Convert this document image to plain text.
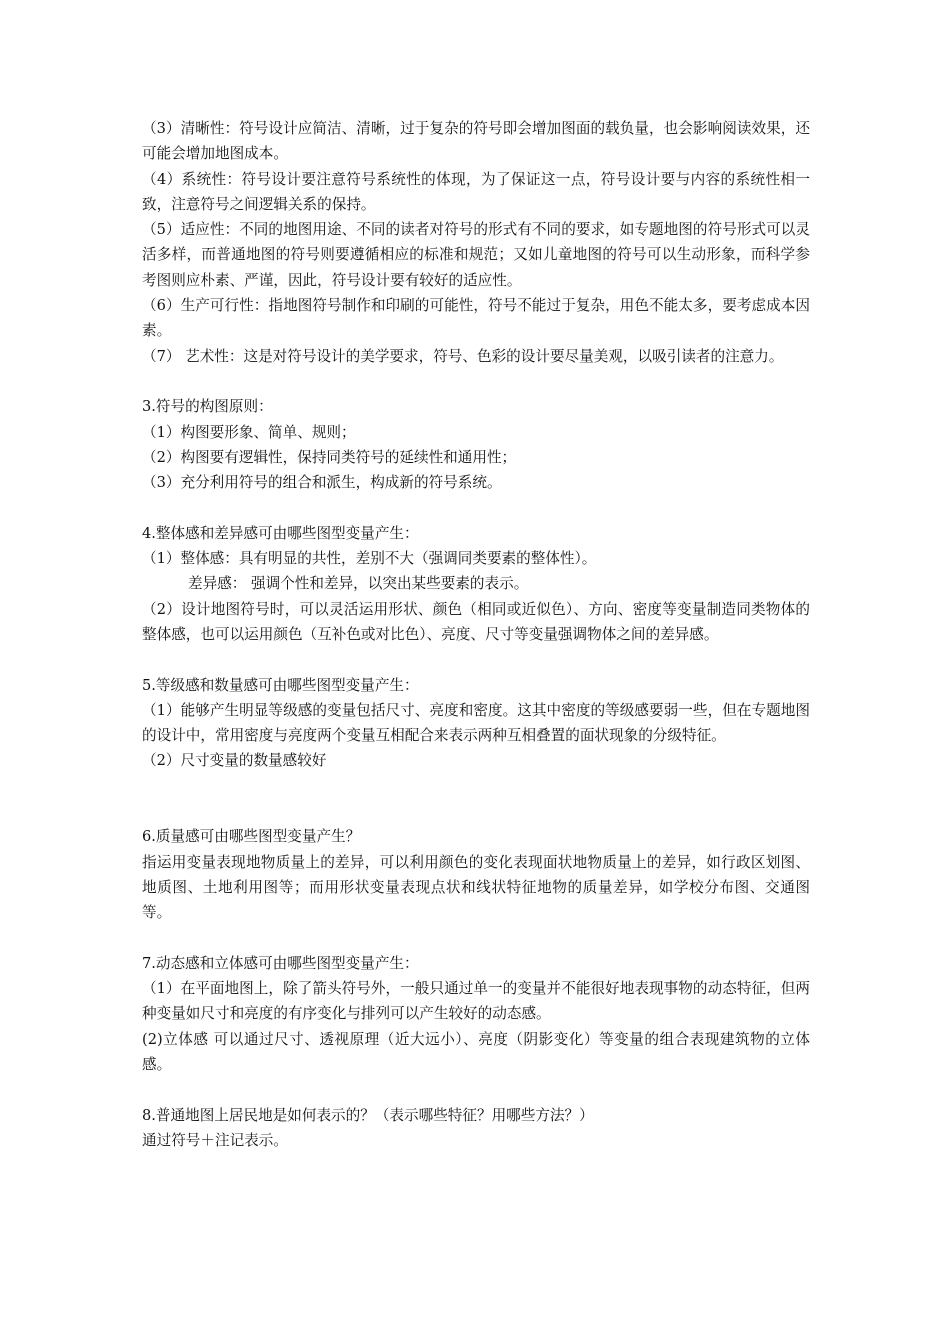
（3）清晰性：符号设计应简洁、清晰，过于复杂的符号即会增加图面的载负量，也会影响阅读效果，还可能会增加地图成本。

（4）系统性：符号设计要注意符号系统性的体现，为了保证这一点，符号设计要与内容的系统性相一致，注意符号之间逻辑关系的保持。

（5）适应性：不同的地图用途、不同的读者对符号的形式有不同的要求，如专题地图的符号形式可以灵活多样，而普通地图的符号则要遵循相应的标准和规范；又如儿童地图的符号可以生动形象，而科学参考图则应朴素、严谨，因此，符号设计要有较好的适应性。

（6）生产可行性：指地图符号制作和印刷的可能性，符号不能过于复杂，用色不能太多，要考虑成本因素。

（7） 艺术性：这是对符号设计的美学要求，符号、色彩的设计要尽量美观，以吸引读者的注意力。

3.符号的构图原则：

（1）构图要形象、简单、规则；

（2）构图要有逻辑性，保持同类符号的延续性和通用性；

（3）充分利用符号的组合和派生，构成新的符号系统。

4.整体感和差异感可由哪些图型变量产生：

（1）整体感：具有明显的共性，差别不大（强调同类要素的整体性）。

差异感： 强调个性和差异，以突出某些要素的表示。

（2）设计地图符号时，可以灵活运用形状、颜色（相同或近似色）、方向、密度等变量制造同类物体的整体感，也可以运用颜色（互补色或对比色）、亮度、尺寸等变量强调物体之间的差异感。

5.等级感和数量感可由哪些图型变量产生：

（1）能够产生明显等级感的变量包括尺寸、亮度和密度。这其中密度的等级感要弱一些，但在专题地图的设计中，常用密度与亮度两个变量互相配合来表示两种互相叠置的面状现象的分级特征。

（2）尺寸变量的数量感较好

6.质量感可由哪些图型变量产生？

指运用变量表现地物质量上的差异，可以利用颜色的变化表现面状地物质量上的差异，如行政区划图、地质图、土地利用图等；而用形状变量表现点状和线状特征地物的质量差异，如学校分布图、交通图等。

7.动态感和立体感可由哪些图型变量产生：

（1）在平面地图上，除了箭头符号外，一般只通过单一的变量并不能很好地表现事物的动态特征，但两种变量如尺寸和亮度的有序变化与排列可以产生较好的动态感。

(2)立体感 可以通过尺寸、透视原理（近大远小）、亮度（阴影变化）等变量的组合表现建筑物的立体感。

8.普通地图上居民地是如何表示的？（表示哪些特征？用哪些方法？）

通过符号＋注记表示。
